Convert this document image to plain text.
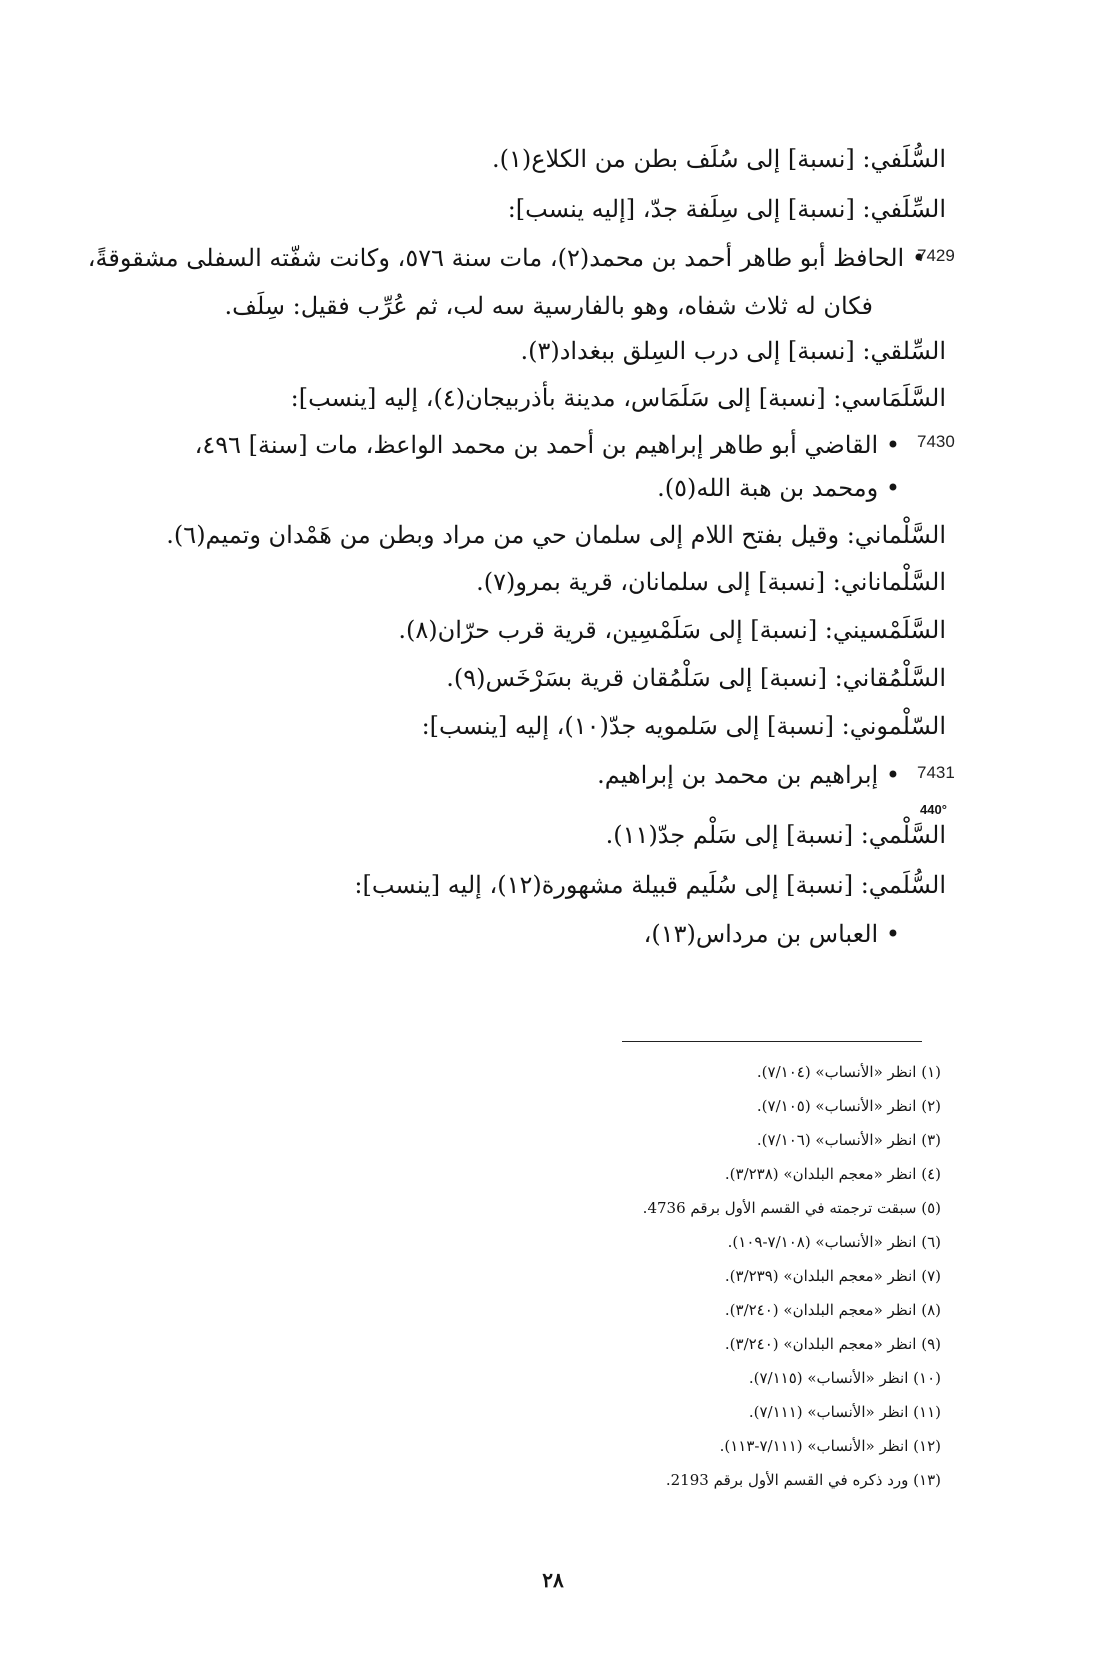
السُّلَفي: [نسبة] إلى سُلَف بطن من الكلاع(١).
السِّلَفي: [نسبة] إلى سِلَفة جدّ، [إليه ينسب]:
• الحافظ أبو طاهر أحمد بن محمد(٢)، مات سنة ٥٧٦، وكانت شفّته السفلى مشقوقةً،
7429
فكان له ثلاث شفاه، وهو بالفارسية سه لب، ثم عُرِّب فقيل: سِلَف.
السِّلقي: [نسبة] إلى درب السِلق ببغداد(٣).
السَّلَمَاسي: [نسبة] إلى سَلَمَاس، مدينة بأذربيجان(٤)، إليه [ينسب]:
• القاضي أبو طاهر إبراهيم بن أحمد بن محمد الواعظ، مات [سنة] ٤٩٦، 7430
• ومحمد بن هبة الله(٥).
السَّلْماني: وقيل بفتح اللام إلى سلمان حي من مراد وبطن من هَمْدان وتميم(٦).
السَّلْماناني: [نسبة] إلى سلمانان، قرية بمرو(٧).
السَّلَمْسيني: [نسبة] إلى سَلَمْسِين، قرية قرب حرّان(٨).
السَّلْمُقاني: [نسبة] إلى سَلْمُقان قرية بسَرْخَس(٩).
السّلْموني: [نسبة] إلى سَلمويه جدّ(١٠)، إليه [ينسب]:
• إبراهيم بن محمد بن إبراهيم. 7431
440°
السَّلْمي: [نسبة] إلى سَلْم جدّ(١١).
السُّلَمي: [نسبة] إلى سُلَيم قبيلة مشهورة(١٢)، إليه [ينسب]:
• العباس بن مرداس(١٣)،
(١) انظر «الأنساب» (٧/١٠٤).
(٢) انظر «الأنساب» (٧/١٠٥).
(٣) انظر «الأنساب» (٧/١٠٦).
(٤) انظر «معجم البلدان» (٣/٢٣٨).
(٥) سبقت ترجمته في القسم الأول برقم 4736.
(٦) انظر «الأنساب» (٧/١٠٨-١٠٩).
(٧) انظر «معجم البلدان» (٣/٢٣٩).
(٨) انظر «معجم البلدان» (٣/٢٤٠).
(٩) انظر «معجم البلدان» (٣/٢٤٠).
(١٠) انظر «الأنساب» (٧/١١٥).
(١١) انظر «الأنساب» (٧/١١١).
(١٢) انظر «الأنساب» (٧/١١١-١١٣).
(١٣) ورد ذكره في القسم الأول برقم 2193.
٢٨
